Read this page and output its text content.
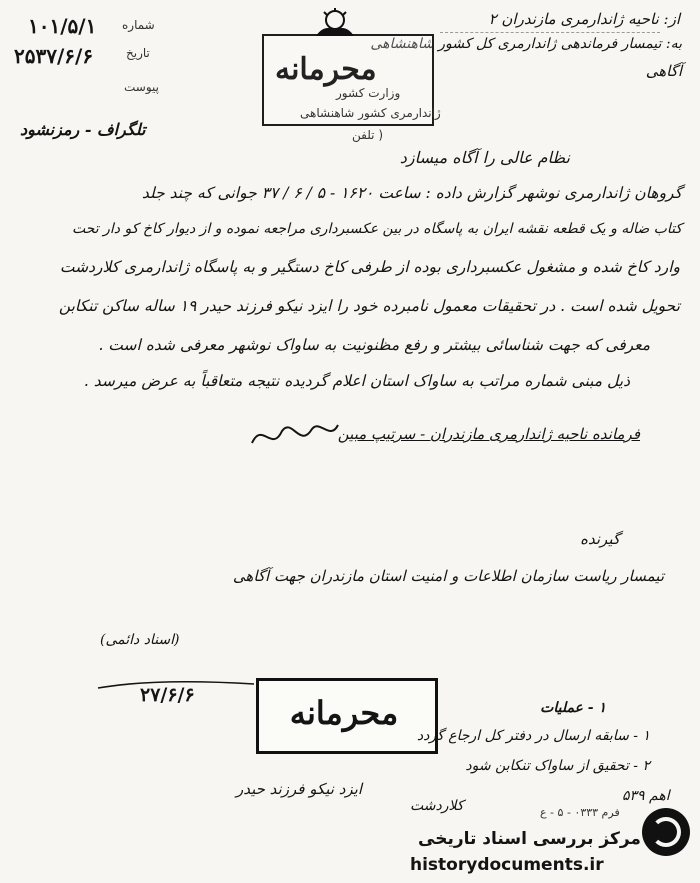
۱۰۱/۵/۱ شماره
۲۵۳۷/۶/۶	تاریخ
پیوست
از: ناحیه ژاندارمری مازندران ۲
به: تیمسار فرماندهی ژاندارمری کل کشور شاهنشاهی
آگاهی
محرمانه
وزارت کشور
ژاندارمری کشور شاهنشاهی
( تلفن
تلگراف - رمزنشود
نظام عالی را آگاه میسازد
گروهان ژاندارمری نوشهر گزارش داده : ساعت ۱۶۲۰ - ۵ / ۶ / ۳۷ جوانی که چند جلد
کتاب ضاله و یک قطعه نقشه ایران به پاسگاه در بین عکسبرداری مراجعه نموده و از دیوار کاخ کو دار تحت
وارد کاخ شده و مشغول عکسبرداری بوده از طرفی کاخ دستگیر و به پاسگاه ژاندارمری کلاردشت
تحویل شده است . در تحقیقات معمول نامبرده خود را ایزد نیکو فرزند حیدر ۱۹ ساله ساکن تنکابن
معرفی که جهت شناسائی بیشتر و رفع مظنونیت به ساواک نوشهر معرفی شده است .
ذیل مبنی شماره مراتب به ساواک استان اعلام گردیده نتیجه متعاقباً به عرض میرسد .
فرمانده ناحیه ژاندارمری مازندران - سرتیپ مبین
گیرنده
تیمسار ریاست سازمان اطلاعات و امنیت استان مازندران جهت آگاهی
(اسناد دائمی)
۲۷/۶/۶	محرمانه	۱ - عملیات
۱ - سابقه ارسال در دفتر کل ارجاع گردد
۲ - تحقیق از ساواک تنکابن شود
ایزد نیکو فرزند حیدر
کلاردشت
اهم ۵۳۹
فرم ۰۳۳۳ - ۵ - ع
مرکز بررسی اسناد تاریخی
historydocuments.ir
